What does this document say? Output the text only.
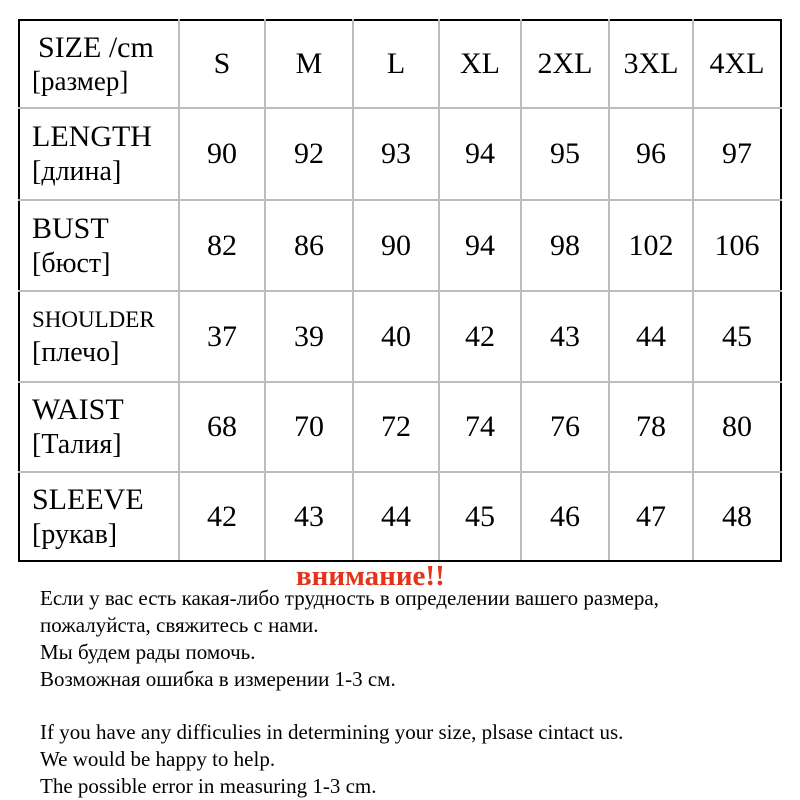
SIZE /cm
[размер]	S	M	L	XL	2XL	3XL	4XL

LENGTH
[длина]	90	92	93	94	95	96	97

BUST
[бюст]	82	86	90	94	98	102	106

SHOULDER
[плечо]	37	39	40	42	43	44	45

WAIST
[Талия]	68	70	72	74	76	78	80

SLEEVE
[рукав]	42	43	44	45	46	47	48
внимание!!
Если у вас есть какая-либо трудность в определении вашего размера,
пожалуйста, свяжитесь с нами.
Мы будем рады помочь.
Возможная ошибка в измерении 1-3 см.
If you have any difficulies in determining your size, plsase cintact us.
We would be happy to help.
The possible error in measuring 1-3 cm.
